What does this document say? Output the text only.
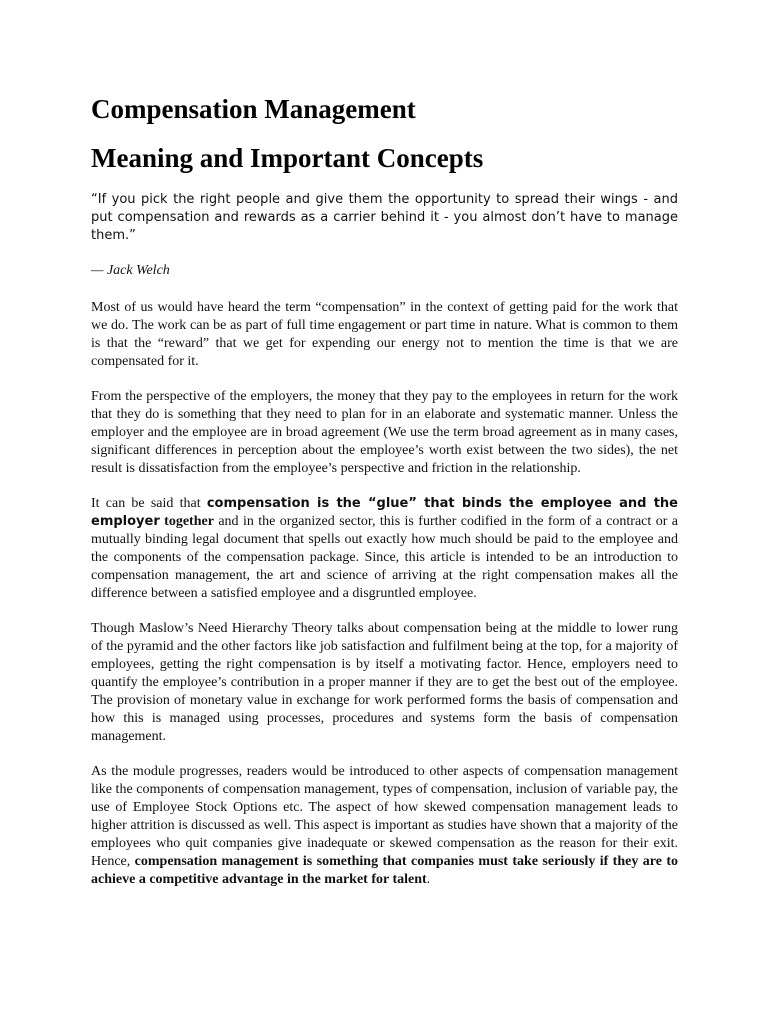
Compensation Management
Meaning and Important Concepts

“If you pick the right people and give them the opportunity to spread their wings - and put compensation and rewards as a carrier behind it - you almost don’t have to manage them.”

— Jack Welch

Most of us would have heard the term “compensation” in the context of getting paid for the work that we do. The work can be as part of full time engagement or part time in nature. What is common to them is that the “reward” that we get for expending our energy not to mention the time is that we are compensated for it.

From the perspective of the employers, the money that they pay to the employees in return for the work that they do is something that they need to plan for in an elaborate and systematic manner. Unless the employer and the employee are in broad agreement (We use the term broad agreement as in many cases, significant differences in perception about the employee’s worth exist between the two sides), the net result is dissatisfaction from the employee’s perspective and friction in the relationship.

It can be said that compensation is the “glue” that binds the employee and the employer together and in the organized sector, this is further codified in the form of a contract or a mutually binding legal document that spells out exactly how much should be paid to the employee and the components of the compensation package. Since, this article is intended to be an introduction to compensation management, the art and science of arriving at the right compensation makes all the difference between a satisfied employee and a disgruntled employee.

Though Maslow’s Need Hierarchy Theory talks about compensation being at the middle to lower rung of the pyramid and the other factors like job satisfaction and fulfilment being at the top, for a majority of employees, getting the right compensation is by itself a motivating factor. Hence, employers need to quantify the employee’s contribution in a proper manner if they are to get the best out of the employee. The provision of monetary value in exchange for work performed forms the basis of compensation and how this is managed using processes, procedures and systems form the basis of compensation management.

As the module progresses, readers would be introduced to other aspects of compensation management like the components of compensation management, types of compensation, inclusion of variable pay, the use of Employee Stock Options etc. The aspect of how skewed compensation management leads to higher attrition is discussed as well. This aspect is important as studies have shown that a majority of the employees who quit companies give inadequate or skewed compensation as the reason for their exit. Hence, compensation management is something that companies must take seriously if they are to achieve a competitive advantage in the market for talent.
